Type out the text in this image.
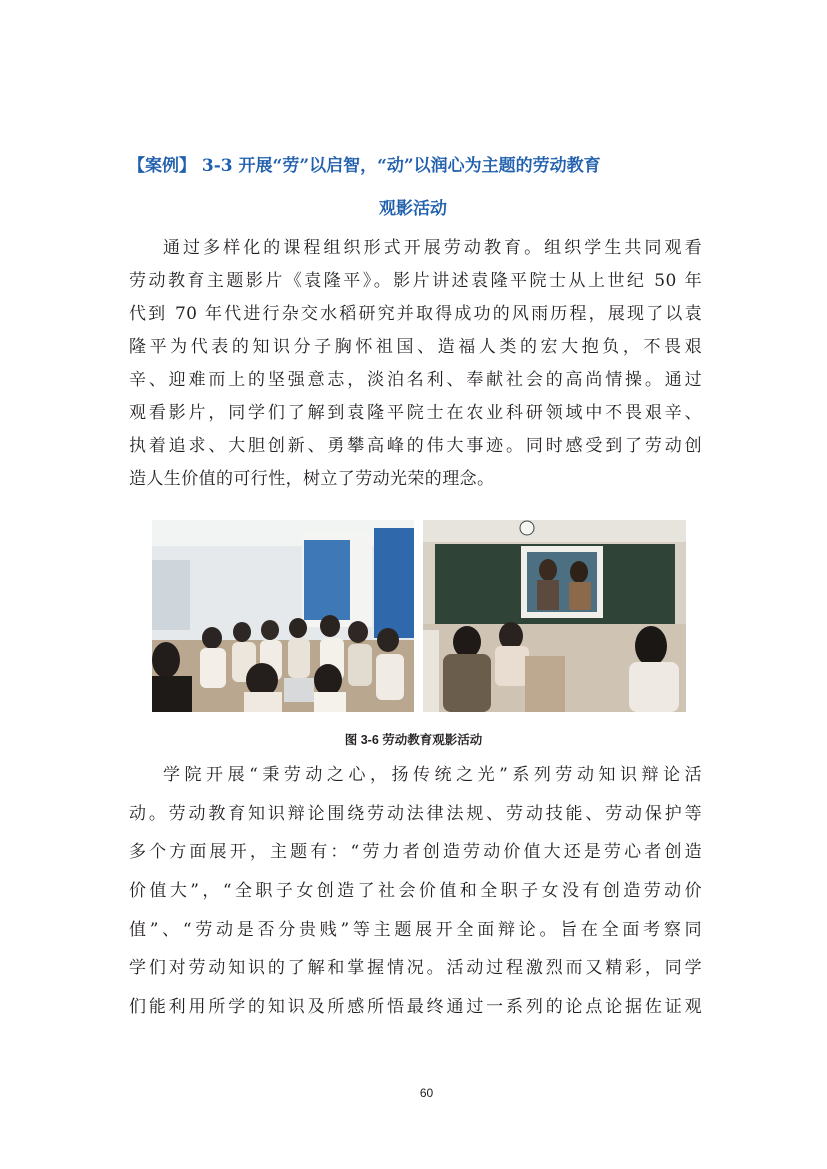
【案例】 3-3 开展“劳”以启智，“动”以润心为主题的劳动教育
观影活动
通过多样化的课程组织形式开展劳动教育。组织学生共同观看
劳动教育主题影片《袁隆平》。影片讲述袁隆平院士从上世纪 50 年
代到 70 年代进行杂交水稻研究并取得成功的风雨历程，展现了以袁
隆平为代表的知识分子胸怀祖国、造福人类的宏大抱负，不畏艰
辛、迎难而上的坚强意志，淡泊名利、奉献社会的高尚情操。通过
观看影片，同学们了解到袁隆平院士在农业科研领域中不畏艰辛、
执着追求、大胆创新、勇攀高峰的伟大事迹。同时感受到了劳动创
造人生价值的可行性，树立了劳动光荣的理念。
图 3-6 劳动教育观影活动
学院开展“秉劳动之心，扬传统之光”系列劳动知识辩论活
动。劳动教育知识辩论围绕劳动法律法规、劳动技能、劳动保护等
多个方面展开，主题有：“劳力者创造劳动价值大还是劳心者创造
价值大”，“全职子女创造了社会价值和全职子女没有创造劳动价
值”、“劳动是否分贵贱”等主题展开全面辩论。旨在全面考察同
学们对劳动知识的了解和掌握情况。活动过程激烈而又精彩，同学
们能利用所学的知识及所感所悟最终通过一系列的论点论据佐证观
60
